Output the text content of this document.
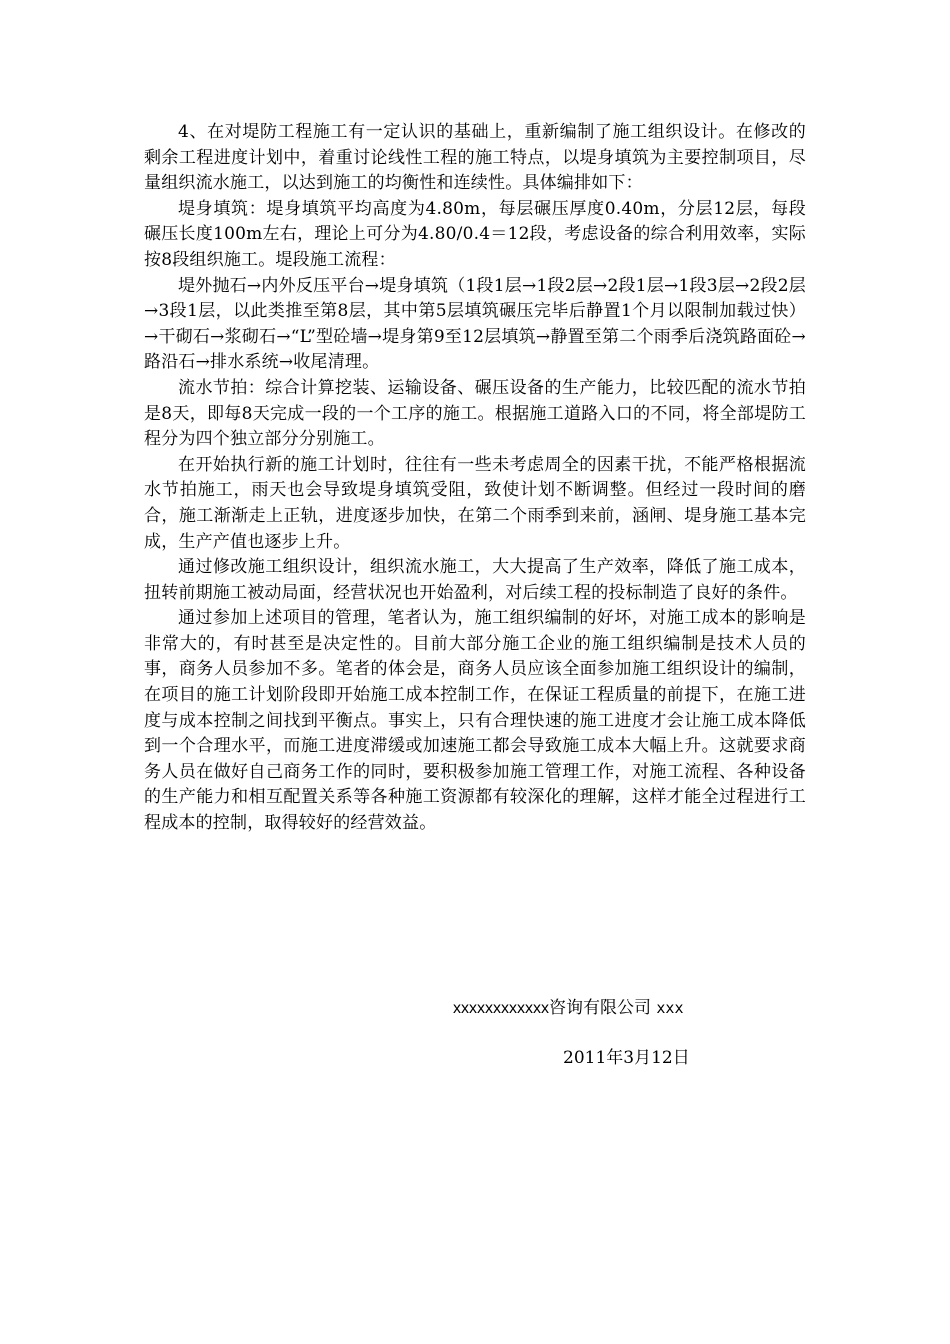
4、在对堤防工程施工有一定认识的基础上，重新编制了施工组织设计。在修改的剩余工程进度计划中，着重讨论线性工程的施工特点，以堤身填筑为主要控制项目，尽量组织流水施工，以达到施工的均衡性和连续性。具体编排如下：

堤身填筑：堤身填筑平均高度为4.80m，每层碾压厚度0.40m，分层12层，每段碾压长度100m左右，理论上可分为4.80/0.4＝12段，考虑设备的综合利用效率，实际按8段组织施工。堤段施工流程：

堤外抛石→内外反压平台→堤身填筑（1段1层→1段2层→2段1层→1段3层→2段2层→3段1层，以此类推至第8层，其中第5层填筑碾压完毕后静置1个月以限制加载过快）→干砌石→浆砌石→“L”型砼墙→堤身第9至12层填筑→静置至第二个雨季后浇筑路面砼→路沿石→排水系统→收尾清理。

流水节拍：综合计算挖装、运输设备、碾压设备的生产能力，比较匹配的流水节拍是8天，即每8天完成一段的一个工序的施工。根据施工道路入口的不同，将全部堤防工程分为四个独立部分分别施工。

在开始执行新的施工计划时，往往有一些未考虑周全的因素干扰，不能严格根据流水节拍施工，雨天也会导致堤身填筑受阻，致使计划不断调整。但经过一段时间的磨合，施工渐渐走上正轨，进度逐步加快，在第二个雨季到来前，涵闸、堤身施工基本完成，生产产值也逐步上升。

通过修改施工组织设计，组织流水施工，大大提高了生产效率，降低了施工成本，扭转前期施工被动局面，经营状况也开始盈利，对后续工程的投标制造了良好的条件。

通过参加上述项目的管理，笔者认为，施工组织编制的好坏，对施工成本的影响是非常大的，有时甚至是决定性的。目前大部分施工企业的施工组织编制是技术人员的事，商务人员参加不多。笔者的体会是，商务人员应该全面参加施工组织设计的编制，在项目的施工计划阶段即开始施工成本控制工作，在保证工程质量的前提下，在施工进度与成本控制之间找到平衡点。事实上，只有合理快速的施工进度才会让施工成本降低到一个合理水平，而施工进度滞缓或加速施工都会导致施工成本大幅上升。这就要求商务人员在做好自己商务工作的同时，要积极参加施工管理工作，对施工流程、各种设备的生产能力和相互配置关系等各种施工资源都有较深化的理解，这样才能全过程进行工程成本的控制，取得较好的经营效益。

xxxxxxxxxxxx咨询有限公司 xxx
2011年3月12日
